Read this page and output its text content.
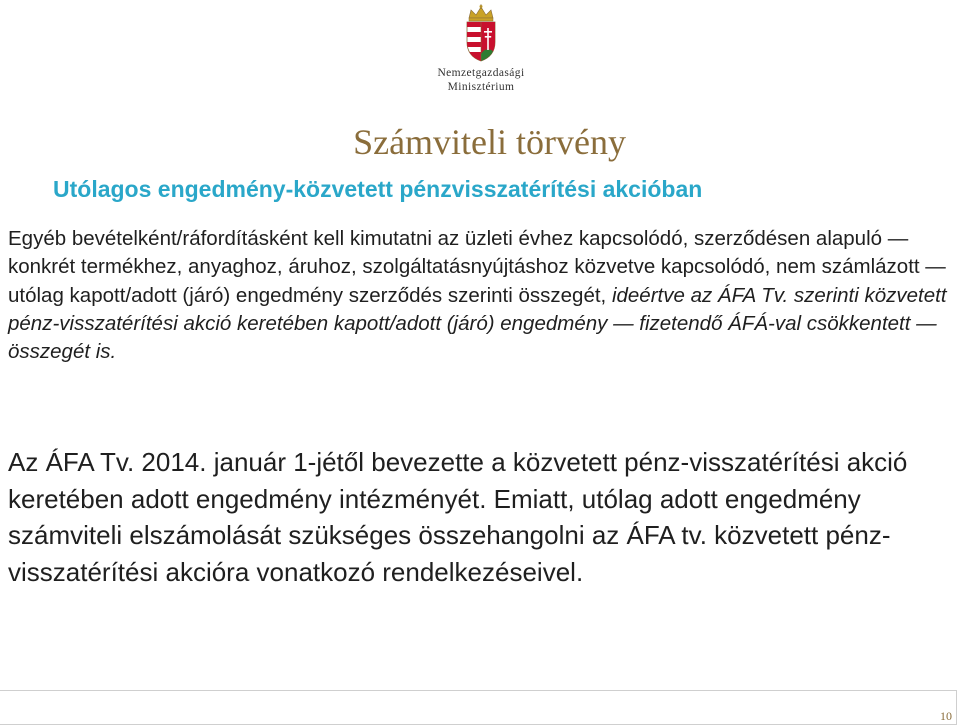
Nemzetgazdasági
Minisztérium
Számviteli törvény
Utólagos engedmény-közvetett pénzvisszatérítési akcióban
Egyéb bevételként/ráfordításként kell kimutatni az üzleti évhez kapcsolódó, szerződésen alapuló — konkrét termékhez, anyaghoz, áruhoz, szolgáltatásnyújtáshoz közvetve kapcsolódó, nem számlázott — utólag kapott/adott (járó) engedmény szerződés szerinti összegét, ideértve az ÁFA Tv. szerinti közvetett pénz-visszatérítési akció keretében kapott/adott (járó) engedmény — fizetendő ÁFÁ-val csökkentett — összegét is.
Az ÁFA Tv. 2014. január 1-jétől bevezette a közvetett pénz-visszatérítési akció keretében adott engedmény intézményét. Emiatt, utólag adott engedmény számviteli elszámolását szükséges összehangolni az ÁFA tv. közvetett pénz-visszatérítési akcióra vonatkozó rendelkezéseivel.
10
